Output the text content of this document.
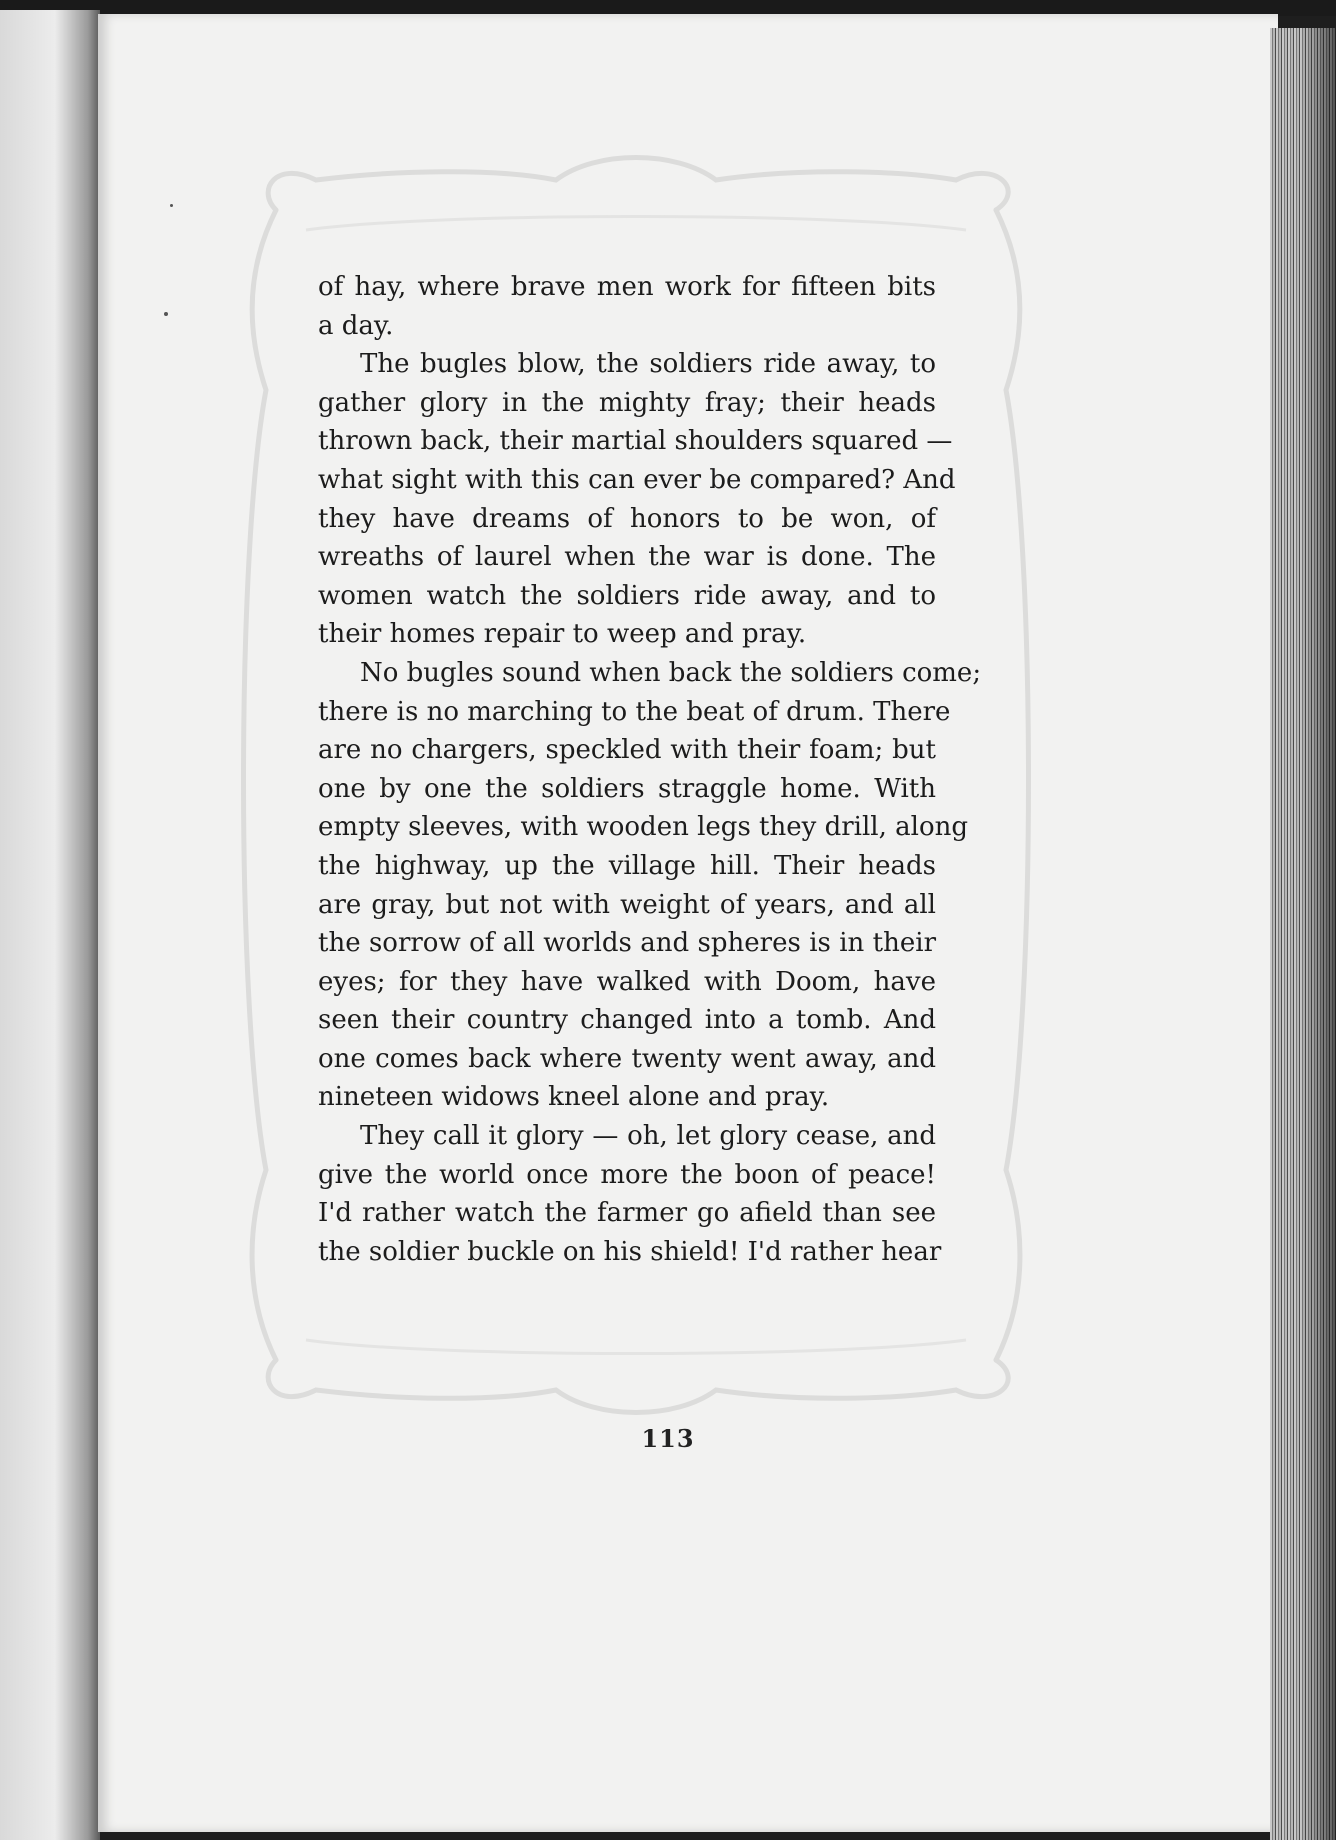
of hay, where brave men work for fifteen bits
a day.
The bugles blow, the soldiers ride away, to
gather glory in the mighty fray; their heads
thrown back, their martial shoulders squared —
what sight with this can ever be compared? And
they have dreams of honors to be won, of
wreaths of laurel when the war is done. The
women watch the soldiers ride away, and to
their homes repair to weep and pray.
No bugles sound when back the soldiers come;
there is no marching to the beat of drum. There
are no chargers, speckled with their foam; but
one by one the soldiers straggle home. With
empty sleeves, with wooden legs they drill, along
the highway, up the village hill. Their heads
are gray, but not with weight of years, and all
the sorrow of all worlds and spheres is in their
eyes; for they have walked with Doom, have
seen their country changed into a tomb. And
one comes back where twenty went away, and
nineteen widows kneel alone and pray.
They call it glory — oh, let glory cease, and
give the world once more the boon of peace!
I'd rather watch the farmer go afield than see
the soldier buckle on his shield! I'd rather hear
113
